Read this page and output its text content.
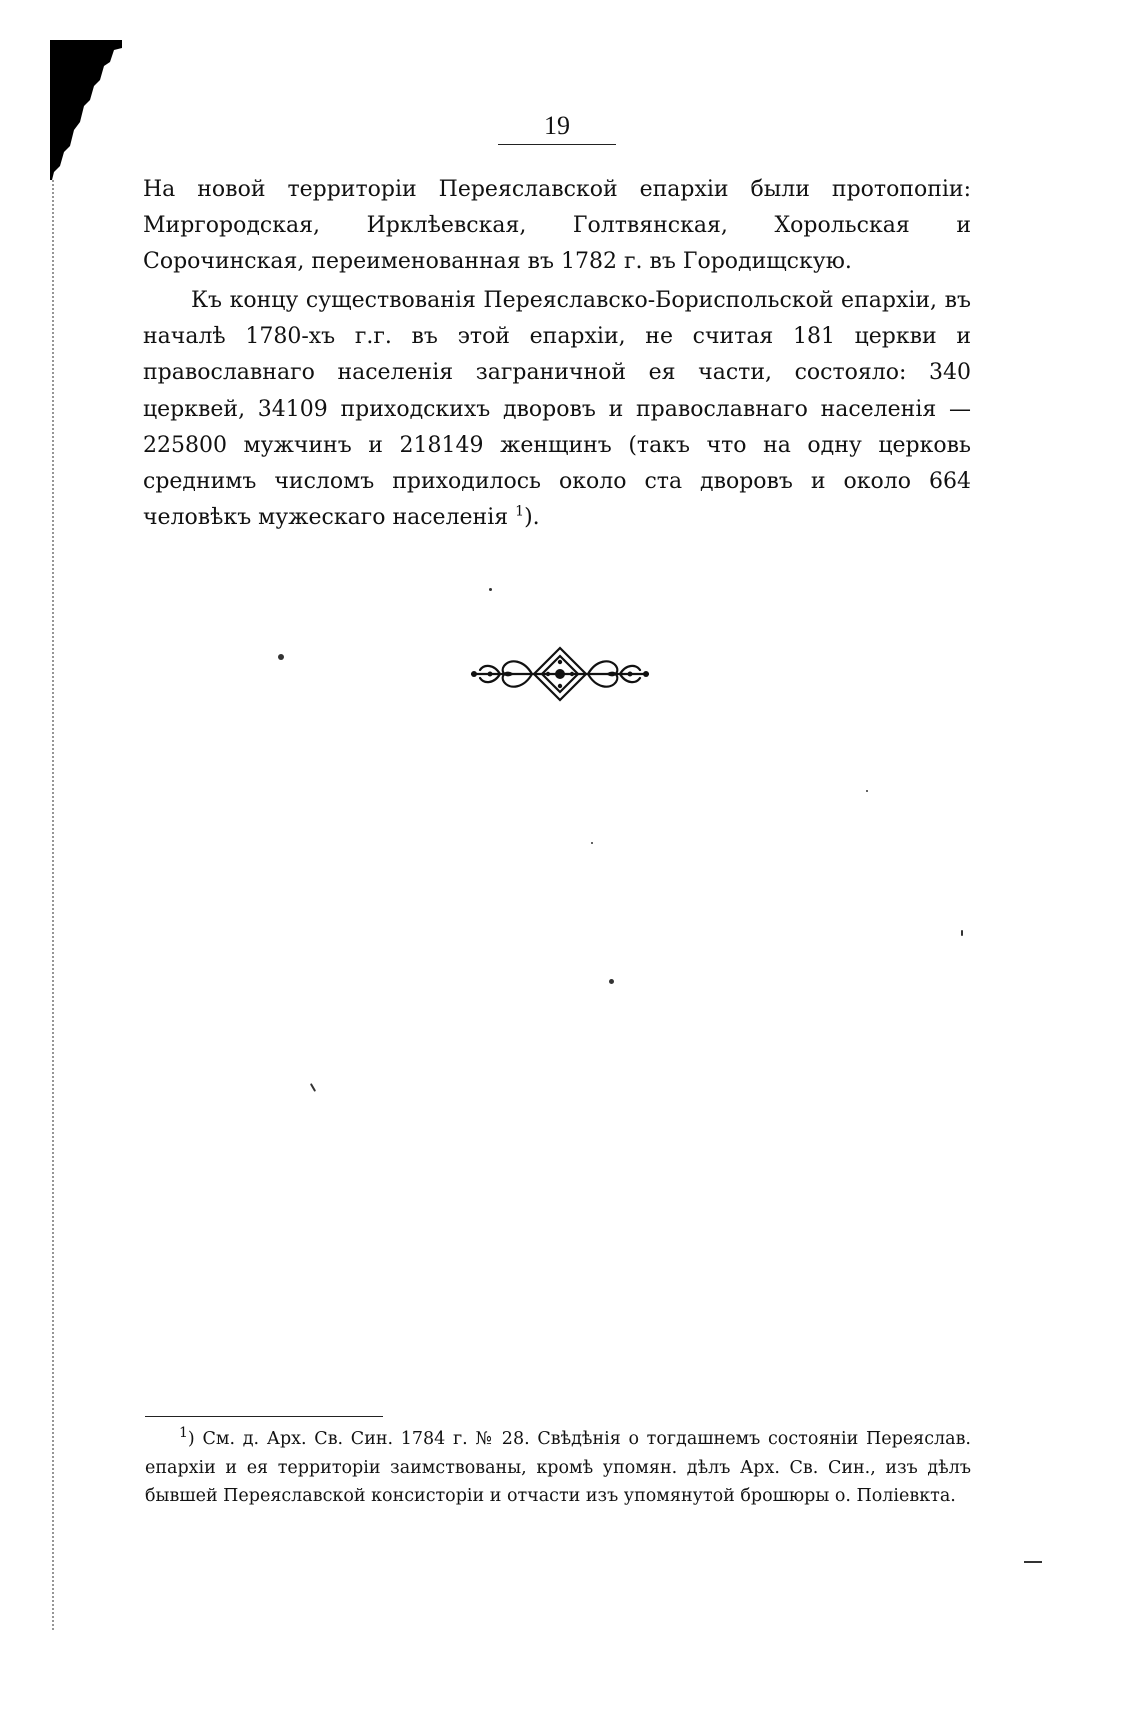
19
На новой территоріи Переяславской епархіи были протопопіи: Миргородская, Ирклѣевская, Голтвянская, Хорольская и Сорочинская, переименованная въ 1782 г. въ Городищскую.
Къ концу существованія Переяславско-Бориспольской епархіи, въ началѣ 1780-хъ г.г. въ этой епархіи, не считая 181 церкви и православнаго населенія заграничной ея части, состояло: 340 церквей, 34109 приходскихъ дворовъ и православнаго населенія — 225800 мужчинъ и 218149 женщинъ (такъ что на одну церковь среднимъ числомъ приходилось около ста дворовъ и около 664 человѣкъ мужескаго населенія $^1$).
$^1$) См. д. Арх. Св. Син. 1784 г. № 28. Свѣдѣнія о тогдашнемъ состояніи Переяслав. епархіи и ея территоріи заимствованы, кромѣ упомян. дѣлъ Арх. Св. Син., изъ дѣлъ бывшей Переяславской консисторіи и отчасти изъ упомянутой брошюры о. Поліевкта.
